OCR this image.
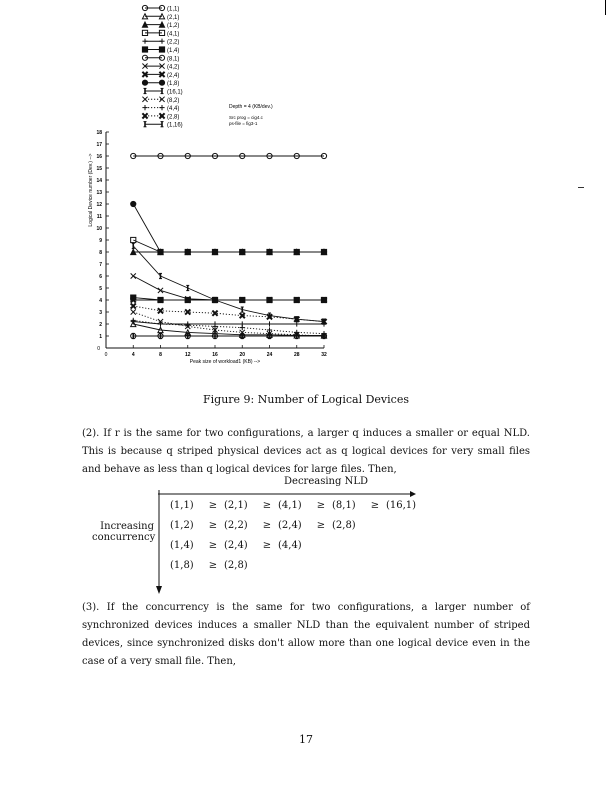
(1,1)
(2,1)
(1,2)
(4,1)
(2,2)
(1,4)
(8,1)
(4,2)
(2,4)
(1,8)
(16,1)
(8,2)
(4,4)
(2,8)
(1,16)
Depth = 4 (KB/dev.)
Src prog = cig4.c
ps-file = fig3-1
0
1
2
3
4
5
6
7
8
9
10
11
12
13
14
15
16
17
18
0	4	8	12	16	20	24	28	32
Peak size of workload1 (KB) -->
Logical Device number (Dev.) -->
Figure 9: Number of Logical Devices

(2). If r is the same for two configurations, a larger q induces a smaller or equal NLD. This is because q striped physical devices act as q logical devices for very small files and behave as less than q logical devices for large files. Then,

Decreasing NLD
Increasing concurrency
(1,1) ≥ (2,1) ≥ (4,1) ≥ (8,1) ≥ (16,1)
(1,2) ≥ (2,2) ≥ (2,4) ≥ (2,8)
(1,4) ≥ (2,4) ≥ (4,4)
(1,8) ≥ (2,8)

(3). If the concurrency is the same for two configurations, a larger number of synchronized devices induces a smaller NLD than the equivalent number of striped devices, since synchronized disks don't allow more than one logical device even in the case of a very small file. Then,

17
